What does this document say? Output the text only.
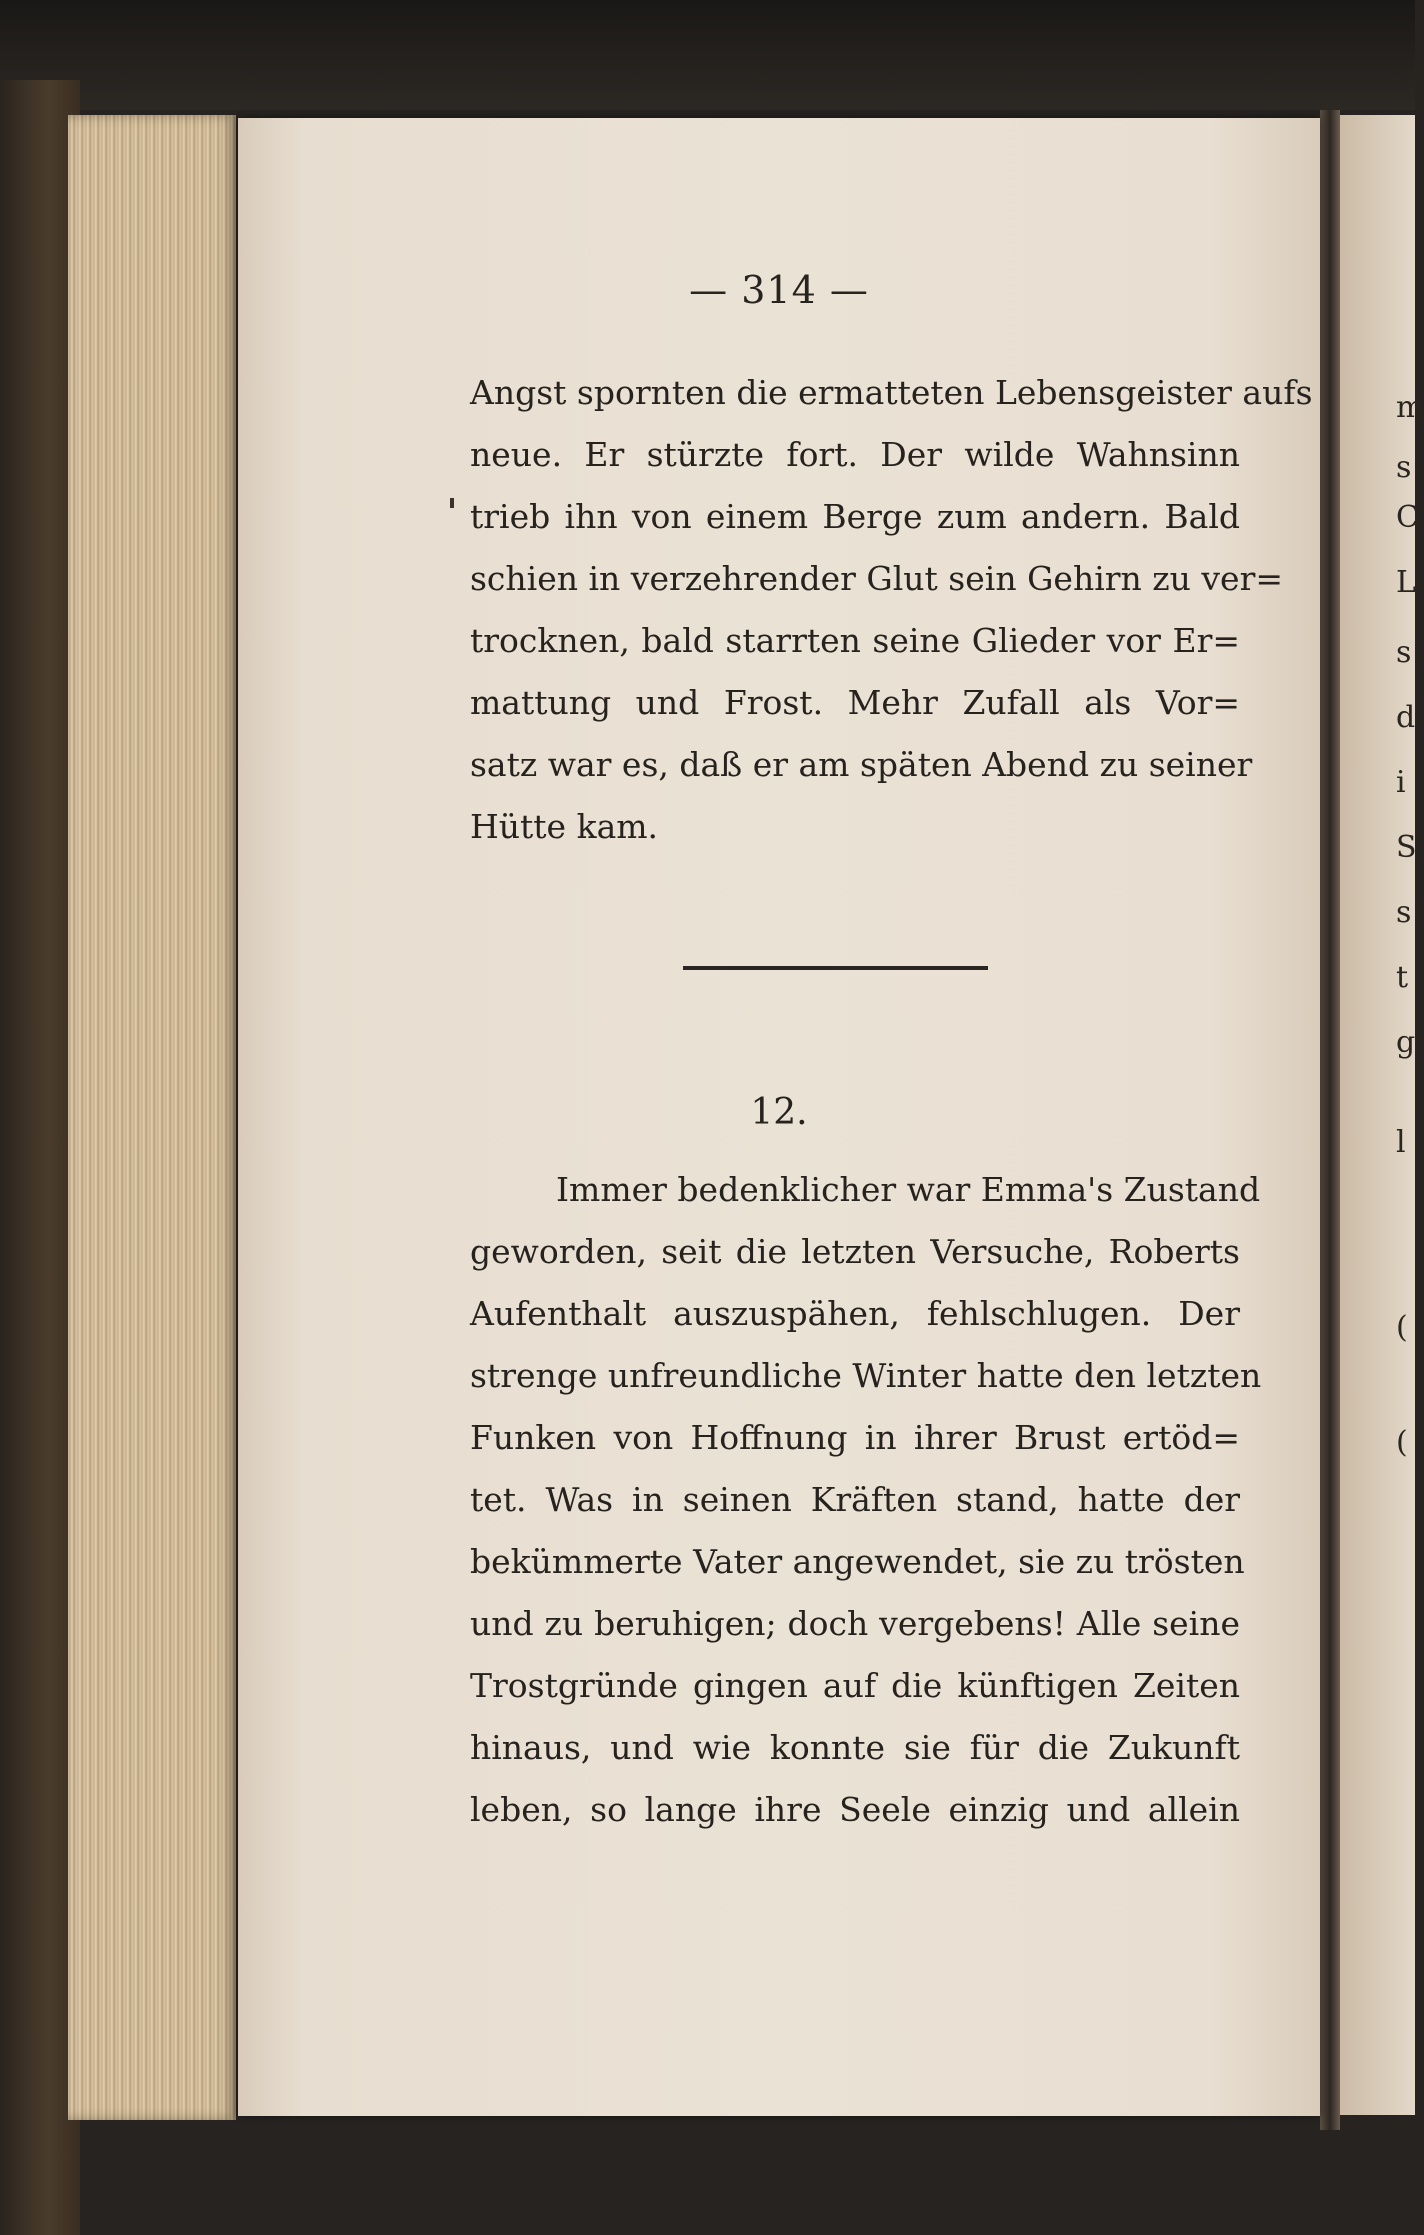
m
s
C
L
s
d
i
S
s
t
g
l
(
(
— 314 —
Angst spornten die ermatteten Lebensgeister aufs
neue. Er stürzte fort. Der wilde Wahnsinn
trieb ihn von einem Berge zum andern. Bald
schien in verzehrender Glut sein Gehirn zu ver=
trocknen, bald starrten seine Glieder vor Er=
mattung und Frost. Mehr Zufall als Vor=
satz war es, daß er am späten Abend zu seiner
Hütte kam.
12.
Immer bedenklicher war Emma's Zustand
geworden, seit die letzten Versuche, Roberts
Aufenthalt auszuspähen, fehlschlugen. Der
strenge unfreundliche Winter hatte den letzten
Funken von Hoffnung in ihrer Brust ertöd=
tet. Was in seinen Kräften stand, hatte der
bekümmerte Vater angewendet, sie zu trösten
und zu beruhigen; doch vergebens! Alle seine
Trostgründe gingen auf die künftigen Zeiten
hinaus, und wie konnte sie für die Zukunft
leben, so lange ihre Seele einzig und allein
